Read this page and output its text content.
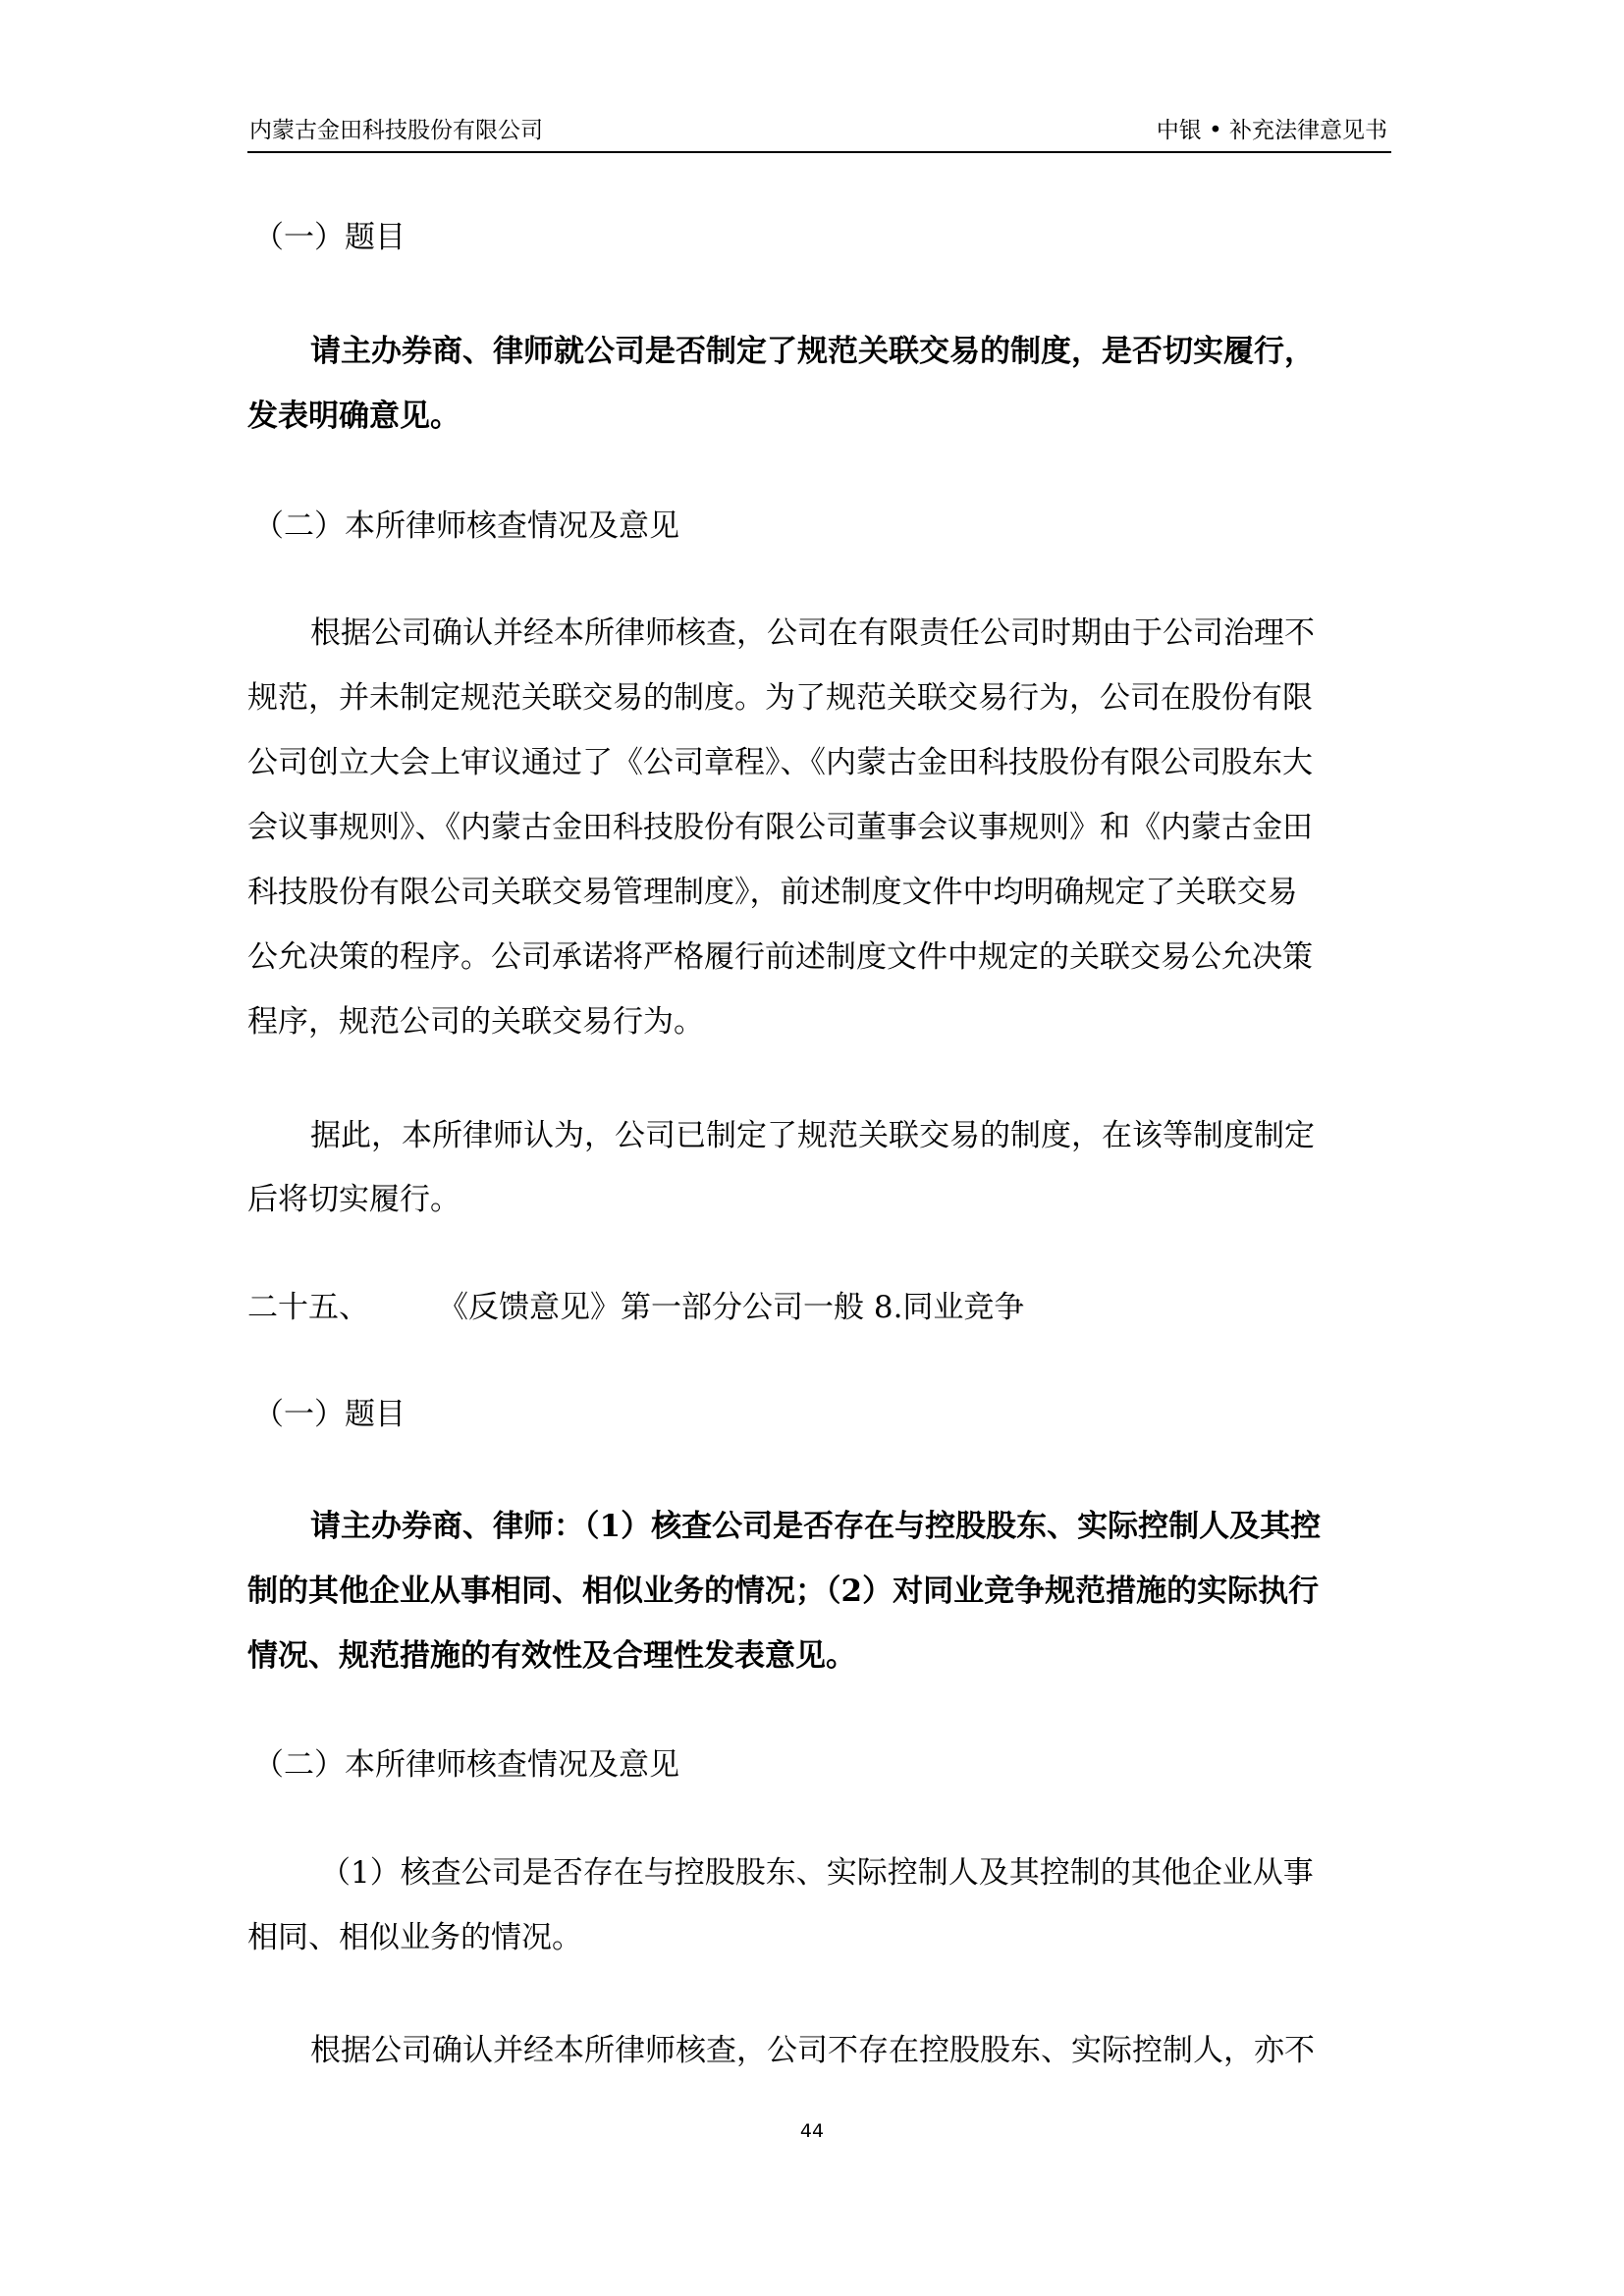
内蒙古金田科技股份有限公司	中银 • 补充法律意见书
（一）题目
请主办券商、律师就公司是否制定了规范关联交易的制度，是否切实履行，
发表明确意见。
（二）本所律师核查情况及意见
根据公司确认并经本所律师核查，公司在有限责任公司时期由于公司治理不
规范，并未制定规范关联交易的制度。为了规范关联交易行为，公司在股份有限
公司创立大会上审议通过了《公司章程》、《内蒙古金田科技股份有限公司股东大
会议事规则》、《内蒙古金田科技股份有限公司董事会议事规则》和《内蒙古金田
科技股份有限公司关联交易管理制度》，前述制度文件中均明确规定了关联交易
公允决策的程序。公司承诺将严格履行前述制度文件中规定的关联交易公允决策
程序，规范公司的关联交易行为。
据此，本所律师认为，公司已制定了规范关联交易的制度，在该等制度制定
后将切实履行。
二十五、 《反馈意见》第一部分公司一般 8.同业竞争
（一）题目
请主办券商、律师：（1）核查公司是否存在与控股股东、实际控制人及其控
制的其他企业从事相同、相似业务的情况；（2）对同业竞争规范措施的实际执行
情况、规范措施的有效性及合理性发表意见。
（二）本所律师核查情况及意见
（1）核查公司是否存在与控股股东、实际控制人及其控制的其他企业从事
相同、相似业务的情况。
根据公司确认并经本所律师核查，公司不存在控股股东、实际控制人，亦不
44
